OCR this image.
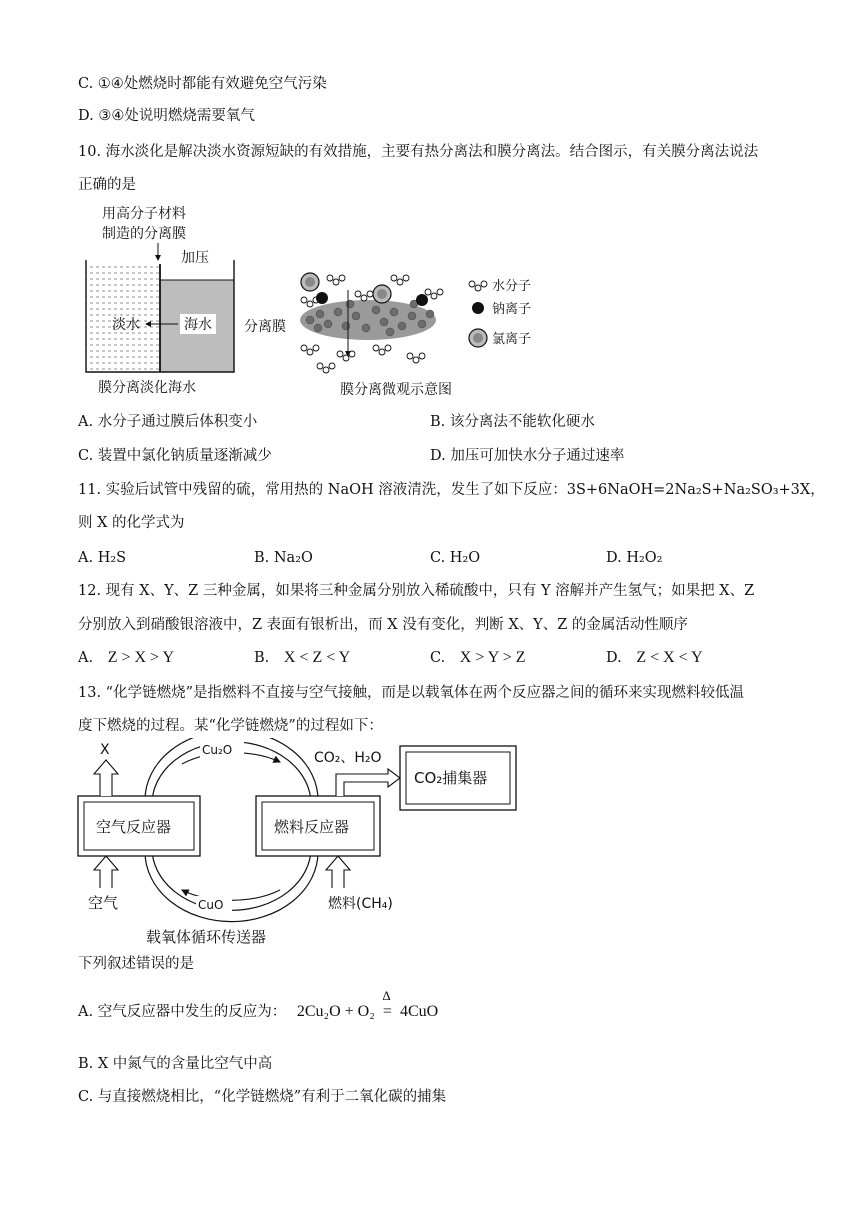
C. ①④处燃烧时都能有效避免空气污染
D. ③④处说明燃烧需要氧气
10. 海水淡化是解决淡水资源短缺的有效措施，主要有热分离法和膜分离法。结合图示，有关膜分离法说法
正确的是
用高分子材料
制造的分离膜
加压
海水
淡水
膜分离淡化海水
分离膜
膜分离微观示意图
水分子
钠离子
氯离子
A. 水分子通过膜后体积变小	B. 该分离法不能软化硬水
C. 装置中氯化钠质量逐渐减少	D. 加压可加快水分子通过速率
11. 实验后试管中残留的硫，常用热的 NaOH 溶液清洗，发生了如下反应：3S+6NaOH=2Na₂S+Na₂SO₃+3X，
则 X 的化学式为
A. H₂S	B. Na₂O	C. H₂O	D. H₂O₂
12. 现有 X、Y、Z 三种金属，如果将三种金属分别放入稀硫酸中，只有 Y 溶解并产生氢气；如果把 X、Z
分别放入到硝酸银溶液中，Z 表面有银析出，而 X 没有变化，判断 X、Y、Z 的金属活动性顺序
A. Z > X > Y	B. X < Z < Y	C. X > Y > Z	D. Z < X < Y
13. “化学链燃烧”是指燃料不直接与空气接触，而是以载氧体在两个反应器之间的循环来实现燃料较低温
度下燃烧的过程。某“化学链燃烧”的过程如下：
Cu₂O
CuO
空气反应器
X
空气
燃料反应器
燃料(CH₄)
CO₂、H₂O
CO₂捕集器
载氧体循环传送器
下列叙述错误的是
A. 空气反应器中发生的反应为： 2Cu₂O + O₂
Δ
= 4CuO
B. X 中氮气的含量比空气中高
C. 与直接燃烧相比，“化学链燃烧”有利于二氧化碳的捕集
